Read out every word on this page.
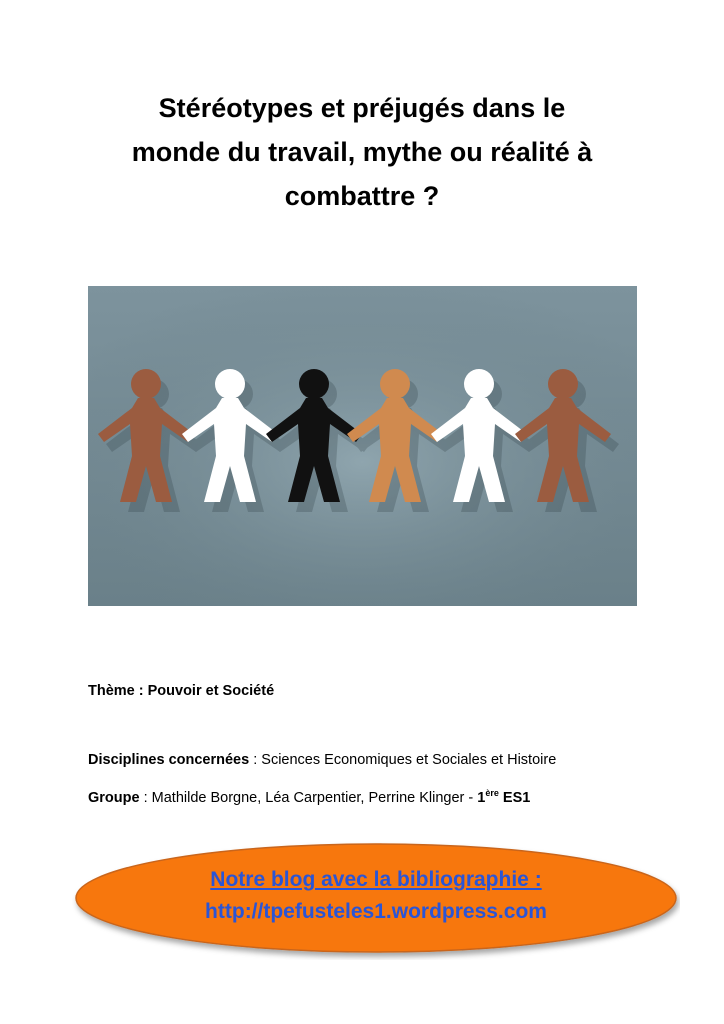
Stéréotypes et préjugés dans le
monde du travail, mythe ou réalité à
combattre ?
Thème : Pouvoir et Société
Disciplines concernées : Sciences Economiques et Sociales et Histoire
Groupe : Mathilde Borgne, Léa Carpentier, Perrine Klinger - 1ère ES1
Notre blog avec la bibliographie :
http://tpefusteles1.wordpress.com
